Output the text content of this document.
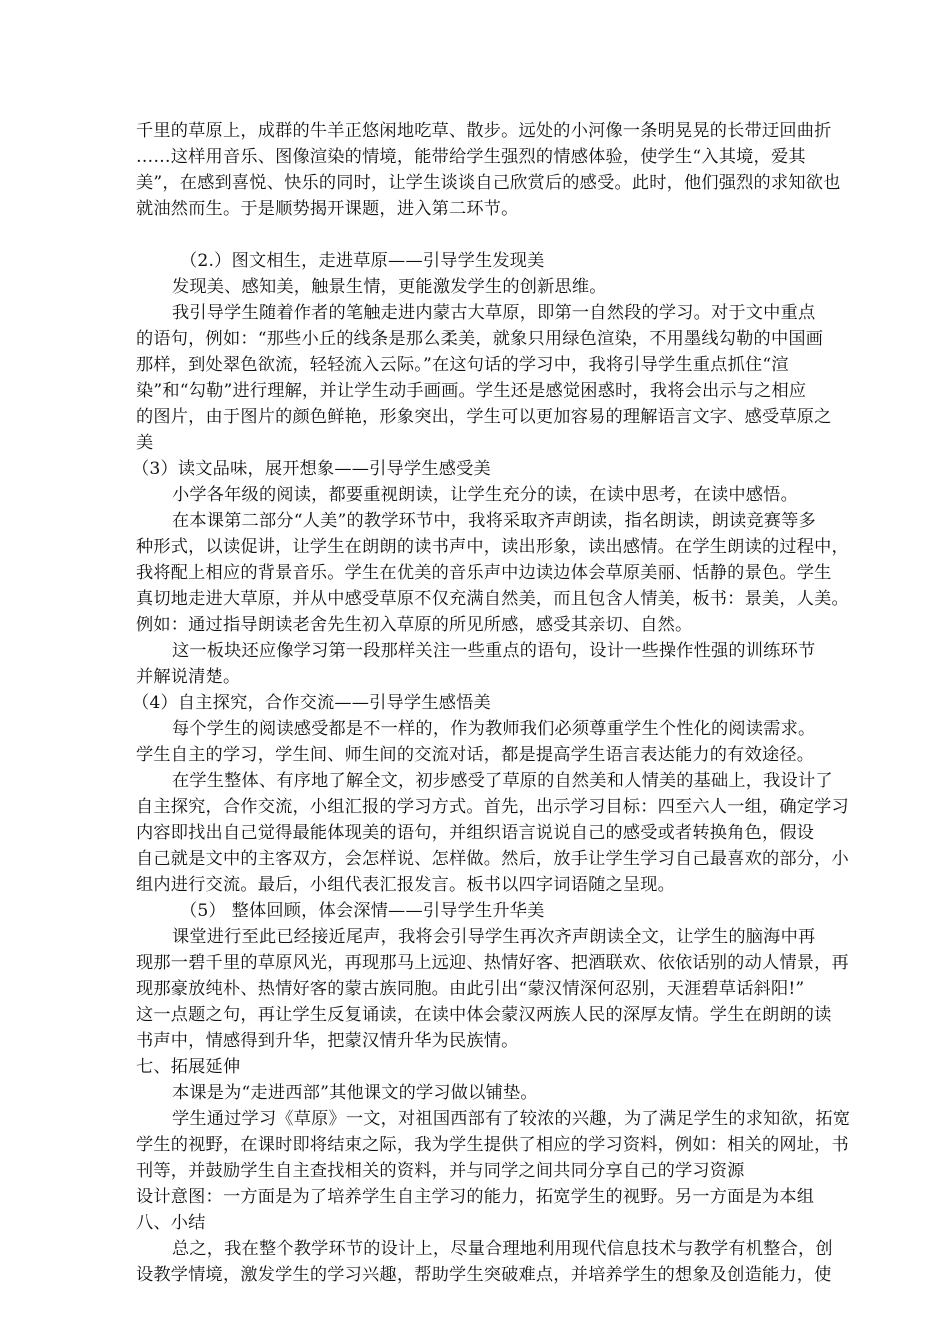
千里的草原上，成群的牛羊正悠闲地吃草、散步。远处的小河像一条明晃晃的长带迂回曲折
……这样用音乐、图像渲染的情境，能带给学生强烈的情感体验，使学生“入其境，爱其
美”，在感到喜悦、快乐的同时，让学生谈谈自己欣赏后的感受。此时，他们强烈的求知欲也
就油然而生。于是顺势揭开课题，进入第二环节。
（2.）图文相生，走进草原——引导学生发现美
发现美、感知美，触景生情，更能激发学生的创新思维。
我引导学生随着作者的笔触走进内蒙古大草原，即第一自然段的学习。对于文中重点
的语句，例如：“那些小丘的线条是那么柔美，就象只用绿色渲染，不用墨线勾勒的中国画
那样，到处翠色欲流，轻轻流入云际。”在这句话的学习中，我将引导学生重点抓住“渲
染”和“勾勒”进行理解，并让学生动手画画。学生还是感觉困惑时，我将会出示与之相应
的图片，由于图片的颜色鲜艳，形象突出，学生可以更加容易的理解语言文字、感受草原之
美
（3）读文品味，展开想象——引导学生感受美
小学各年级的阅读，都要重视朗读，让学生充分的读，在读中思考，在读中感悟。
在本课第二部分“人美”的教学环节中，我将采取齐声朗读，指名朗读，朗读竞赛等多
种形式，以读促讲，让学生在朗朗的读书声中，读出形象，读出感情。在学生朗读的过程中，
我将配上相应的背景音乐。学生在优美的音乐声中边读边体会草原美丽、恬静的景色。学生
真切地走进大草原，并从中感受草原不仅充满自然美，而且包含人情美，板书：景美，人美。
例如：通过指导朗读老舍先生初入草原的所见所感，感受其亲切、自然。
这一板块还应像学习第一段那样关注一些重点的语句，设计一些操作性强的训练环节
并解说清楚。
（4）自主探究，合作交流——引导学生感悟美
每个学生的阅读感受都是不一样的，作为教师我们必须尊重学生个性化的阅读需求。
学生自主的学习，学生间、师生间的交流对话，都是提高学生语言表达能力的有效途径。
在学生整体、有序地了解全文，初步感受了草原的自然美和人情美的基础上，我设计了
自主探究，合作交流，小组汇报的学习方式。首先，出示学习目标：四至六人一组，确定学习
内容即找出自己觉得最能体现美的语句，并组织语言说说自己的感受或者转换角色，假设
自己就是文中的主客双方，会怎样说、怎样做。然后，放手让学生学习自己最喜欢的部分，小
组内进行交流。最后，小组代表汇报发言。板书以四字词语随之呈现。
（5） 整体回顾，体会深情——引导学生升华美
课堂进行至此已经接近尾声，我将会引导学生再次齐声朗读全文，让学生的脑海中再
现那一碧千里的草原风光，再现那马上远迎、热情好客、把酒联欢、依依话别的动人情景，再
现那豪放纯朴、热情好客的蒙古族同胞。由此引出“蒙汉情深何忍别，天涯碧草话斜阳!”
这一点题之句，再让学生反复诵读，在读中体会蒙汉两族人民的深厚友情。学生在朗朗的读
书声中，情感得到升华，把蒙汉情升华为民族情。
七、拓展延伸
本课是为“走进西部”其他课文的学习做以铺垫。
学生通过学习《草原》一文，对祖国西部有了较浓的兴趣，为了满足学生的求知欲，拓宽
学生的视野，在课时即将结束之际，我为学生提供了相应的学习资料，例如：相关的网址，书
刊等，并鼓励学生自主查找相关的资料，并与同学之间共同分享自己的学习资源
设计意图：一方面是为了培养学生自主学习的能力，拓宽学生的视野。另一方面是为本组
八、小结
总之，我在整个教学环节的设计上，尽量合理地利用现代信息技术与教学有机整合，创
设教学情境，激发学生的学习兴趣，帮助学生突破难点，并培养学生的想象及创造能力，使
